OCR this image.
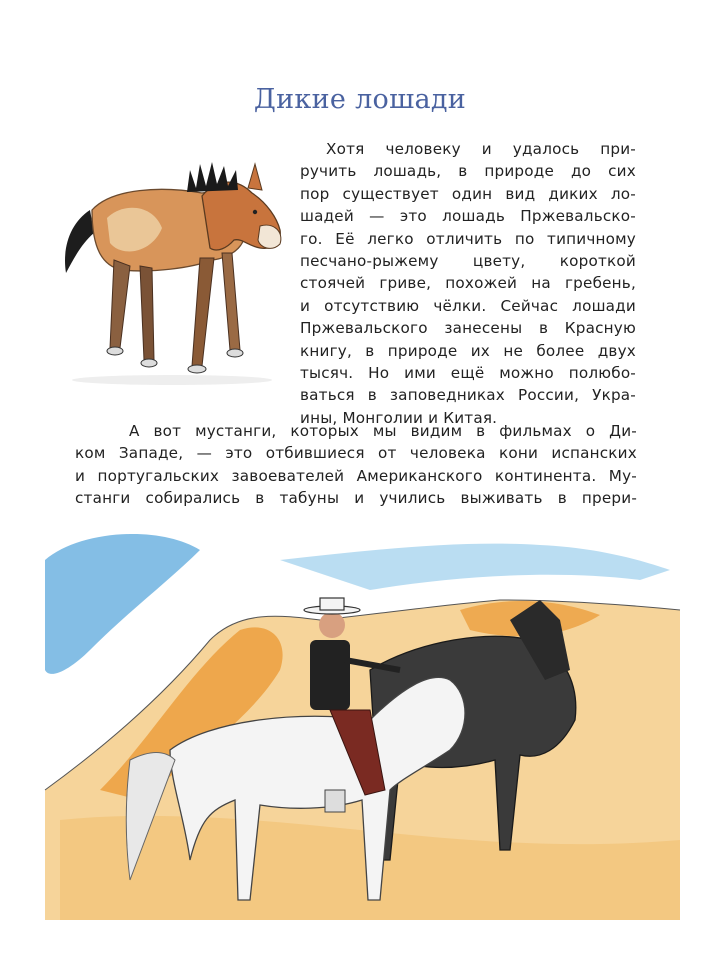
Дикие лошади
Хотя человеку и удалось при-
ручить лошадь, в природе до сих
пор существует один вид диких ло-
шадей — это лошадь Пржевальско-
го. Её легко отличить по типичному
песчано-рыжему цвету, короткой
стоячей гриве, похожей на гребень,
и отсутствию чёлки. Сейчас лошади
Пржевальского занесены в Красную
книгу, в природе их не более двух
тысяч. Но ими ещё можно полюбо-
ваться в заповедниках России, Укра-
ины, Монголии и Китая.
А вот мустанги, которых мы видим в фильмах о Ди-
ком Западе, — это отбившиеся от человека кони испанских
и португальских завоевателей Американского континента. Му-
станги собирались в табуны и учились выживать в прери-
